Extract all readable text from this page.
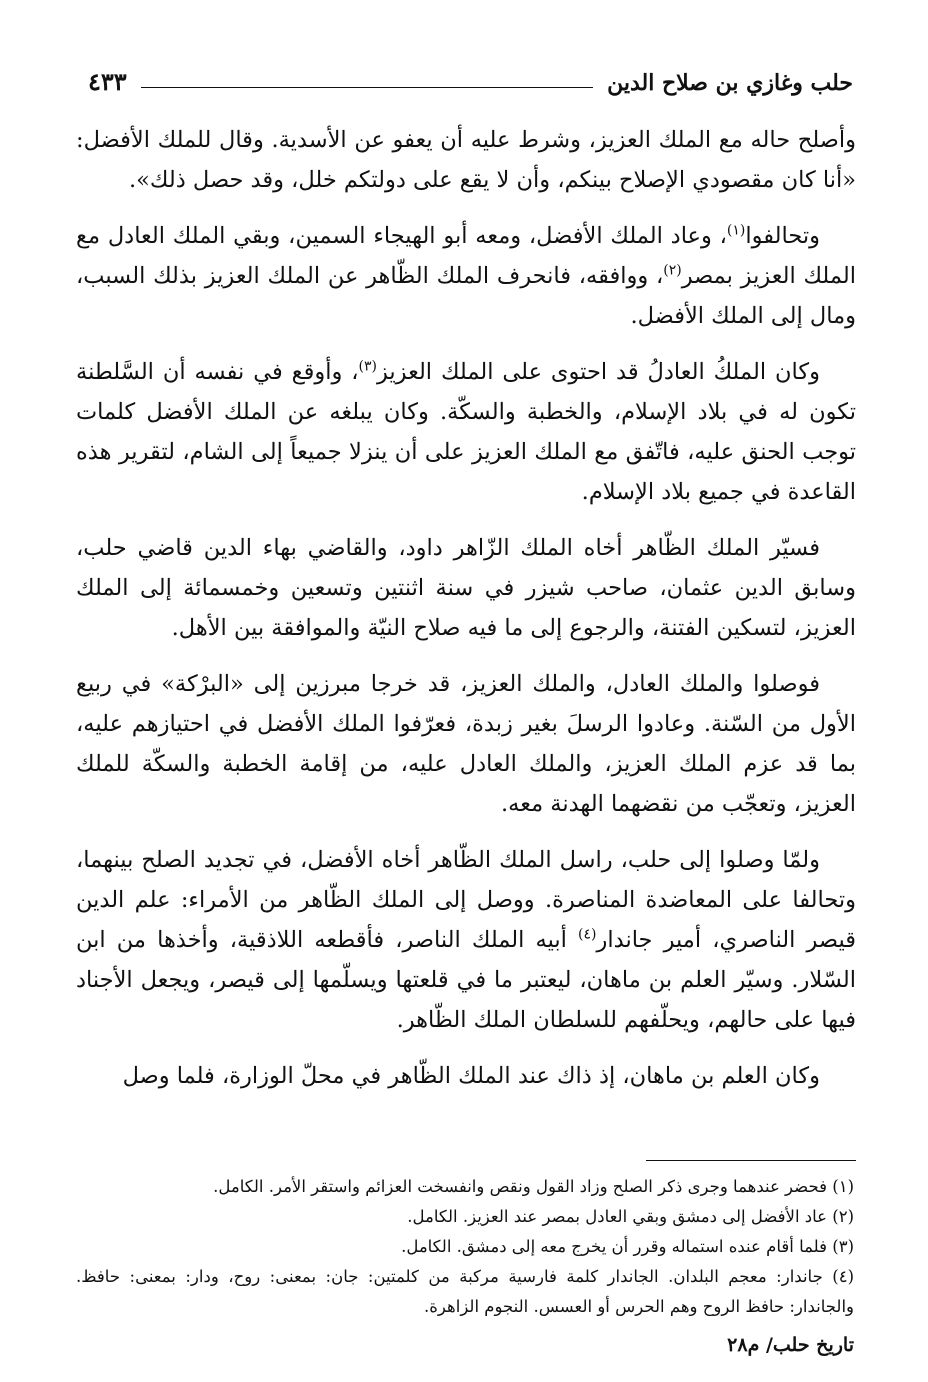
حلب وغازي بن صلاح الدين
٤٣٣

وأصلح حاله مع الملك العزيز، وشرط عليه أن يعفو عن الأسدية. وقال للملك الأفضل: «أنا كان مقصودي الإصلاح بينكم، وأن لا يقع على دولتكم خلل، وقد حصل ذلك».

وتحالفوا$^{(١)}$، وعاد الملك الأفضل، ومعه أبو الهيجاء السمين، وبقي الملك العادل مع الملك العزيز بمصر$^{(٢)}$، ووافقه، فانحرف الملك الظّاهر عن الملك العزيز بذلك السبب، ومال إلى الملك الأفضل.

وكان الملكُ العادلُ قد احتوى على الملك العزيز$^{(٣)}$، وأوقع في نفسه أن السَّلطنة تكون له في بلاد الإسلام، والخطبة والسكّة. وكان يبلغه عن الملك الأفضل كلمات توجب الحنق عليه، فاتّفق مع الملك العزيز على أن ينزلا جميعاً إلى الشام، لتقرير هذه القاعدة في جميع بلاد الإسلام.

فسيّر الملك الظّاهر أخاه الملك الزّاهر داود، والقاضي بهاء الدين قاضي حلب، وسابق الدين عثمان، صاحب شيزر في سنة اثنتين وتسعين وخمسمائة إلى الملك العزيز، لتسكين الفتنة، والرجوع إلى ما فيه صلاح النيّة والموافقة بين الأهل.

فوصلوا والملك العادل، والملك العزيز، قد خرجا مبرزين إلى «البرْكة» في ربيع الأول من السّنة. وعادوا الرسلَ بغير زبدة، فعرّفوا الملك الأفضل في احتيازهم عليه، بما قد عزم الملك العزيز، والملك العادل عليه، من إقامة الخطبة والسكّة للملك العزيز، وتعجّب من نقضهما الهدنة معه.

ولمّا وصلوا إلى حلب، راسل الملك الظّاهر أخاه الأفضل، في تجديد الصلح بينهما، وتحالفا على المعاضدة المناصرة. ووصل إلى الملك الظّاهر من الأمراء: علم الدين قيصر الناصري، أمير جاندار$^{(٤)}$ أبيه الملك الناصر، فأقطعه اللاذقية، وأخذها من ابن السّلار. وسيّر العلم بن ماهان، ليعتبر ما في قلعتها ويسلّمها إلى قيصر، ويجعل الأجناد فيها على حالهم، ويحلّفهم للسلطان الملك الظّاهر.

وكان العلم بن ماهان، إذ ذاك عند الملك الظّاهر في محلّ الوزارة، فلما وصل

(١) فحضر عندهما وجرى ذكر الصلح وزاد القول ونقص وانفسخت العزائم واستقر الأمر. الكامل.

(٢) عاد الأفضل إلى دمشق وبقي العادل بمصر عند العزيز. الكامل.

(٣) فلما أقام عنده استماله وقرر أن يخرج معه إلى دمشق. الكامل.

(٤) جاندار: معجم البلدان. الجاندار كلمة فارسية مركبة من كلمتين: جان: بمعنى: روح، ودار: بمعنى: حافظ. والجاندار: حافظ الروح وهم الحرس أو العسس. النجوم الزاهرة.

تاريخ حلب/ م٢٨
